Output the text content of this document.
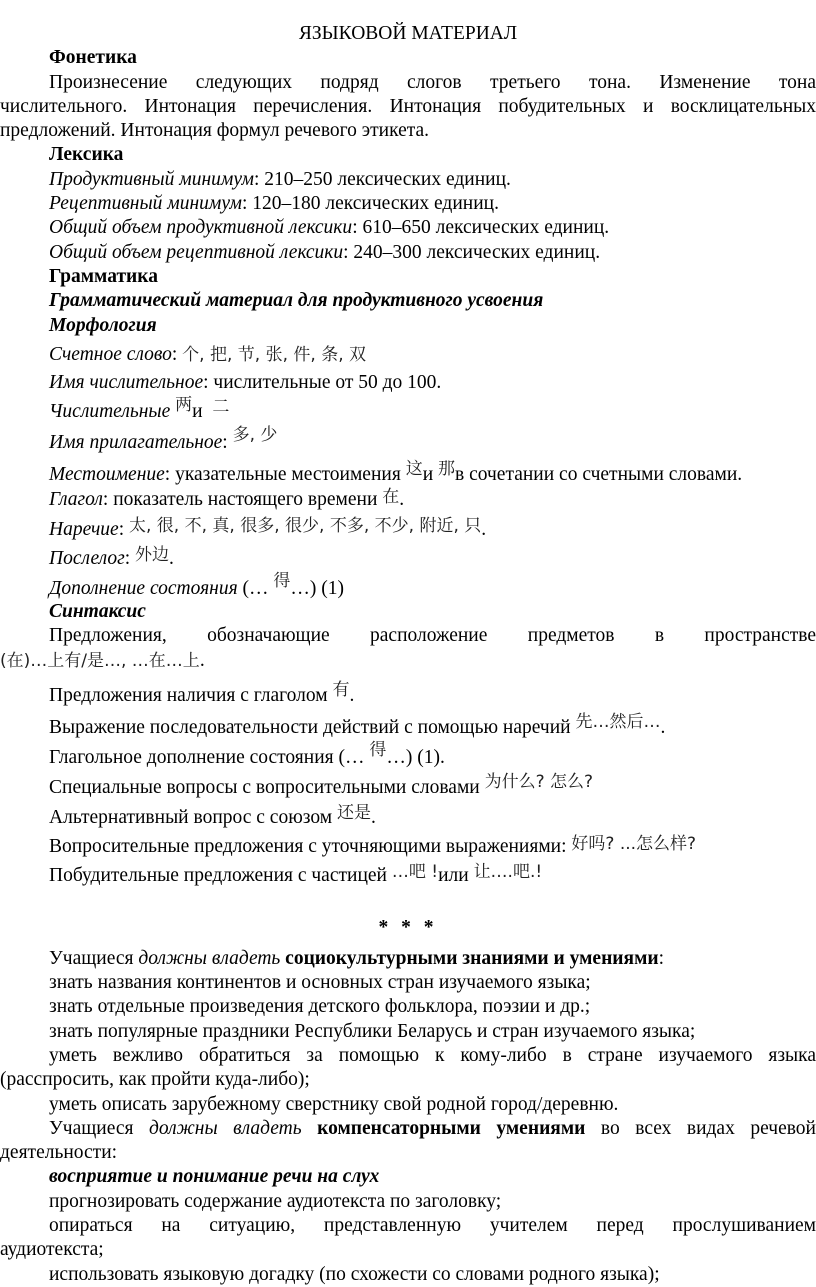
ЯЗЫКОВОЙ МАТЕРИАЛ
Фонетика
Произнесение следующих подряд слогов третьего тона. Изменение тона
числительного. Интонация перечисления. Интонация побудительных и восклицательных
предложений. Интонация формул речевого этикета.
Лексика
Продуктивный минимум: 210–250 лексических единиц.
Рецептивный минимум: 120–180 лексических единиц.
Общий объем продуктивной лексики: 610–650 лексических единиц.
Общий объем рецептивной лексики: 240–300 лексических единиц.
Грамматика
Грамматический материал для продуктивного усвоения
Морфология
Счетное слово: 个, 把, 节, 张, 件, 条, 双
Имя числительное: числительные от 50 до 100.
Числительные 两и 二
Имя прилагательное: 多, 少
Местоимение: указательные местоимения 这и 那в сочетании со счетными словами.
Глагол: показатель настоящего времени 在.
Наречие: 太, 很, 不, 真, 很多, 很少, 不多, 不少, 附近, 只.
Послелог: 外边.
Дополнение состояния (… 得…) (1)
Синтаксис
Предложения, обозначающие расположение предметов в пространстве
(在)…上有/是…, …在…上.
Предложения наличия с глаголом 有.
Выражение последовательности действий с помощью наречий 先…然后….
Глагольное дополнение состояния (… 得…) (1).
Специальные вопросы с вопросительными словами 为什么? 怎么?
Альтернативный вопрос с союзом 还是.
Вопросительные предложения с уточняющими выражениями: 好吗? ...怎么样?
Побудительные предложения с частицей …吧 !или 让….吧.!
* * *
Учащиеся должны владеть социокультурными знаниями и умениями:
знать названия континентов и основных стран изучаемого языка;
знать отдельные произведения детского фольклора, поэзии и др.;
знать популярные праздники Республики Беларусь и стран изучаемого языка;
уметь вежливо обратиться за помощью к кому-либо в стране изучаемого языка
(расспросить, как пройти куда-либо);
уметь описать зарубежному сверстнику свой родной город/деревню.
Учащиеся должны владеть компенсаторными умениями во всех видах речевой
деятельности:
восприятие и понимание речи на слух
прогнозировать содержание аудиотекста по заголовку;
опираться на ситуацию, представленную учителем перед прослушиванием
аудиотекста;
использовать языковую догадку (по схожести со словами родного языка);
